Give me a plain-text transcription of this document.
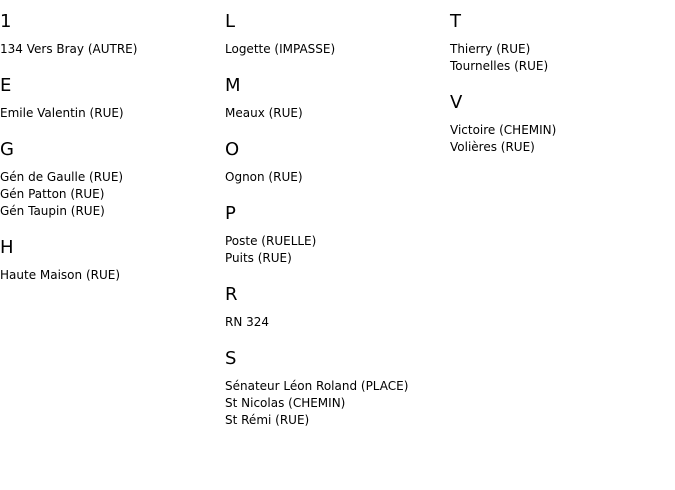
1
134 Vers Bray (AUTRE)
E
Emile Valentin (RUE)
G
Gén de Gaulle (RUE)
Gén Patton (RUE)
Gén Taupin (RUE)
H
Haute Maison (RUE)
L
Logette (IMPASSE)
M
Meaux (RUE)
O
Ognon (RUE)
P
Poste (RUELLE)
Puits (RUE)
R
RN 324
S
Sénateur Léon Roland (PLACE)
St Nicolas (CHEMIN)
St Rémi (RUE)
T
Thierry (RUE)
Tournelles (RUE)
V
Victoire (CHEMIN)
Volières (RUE)
